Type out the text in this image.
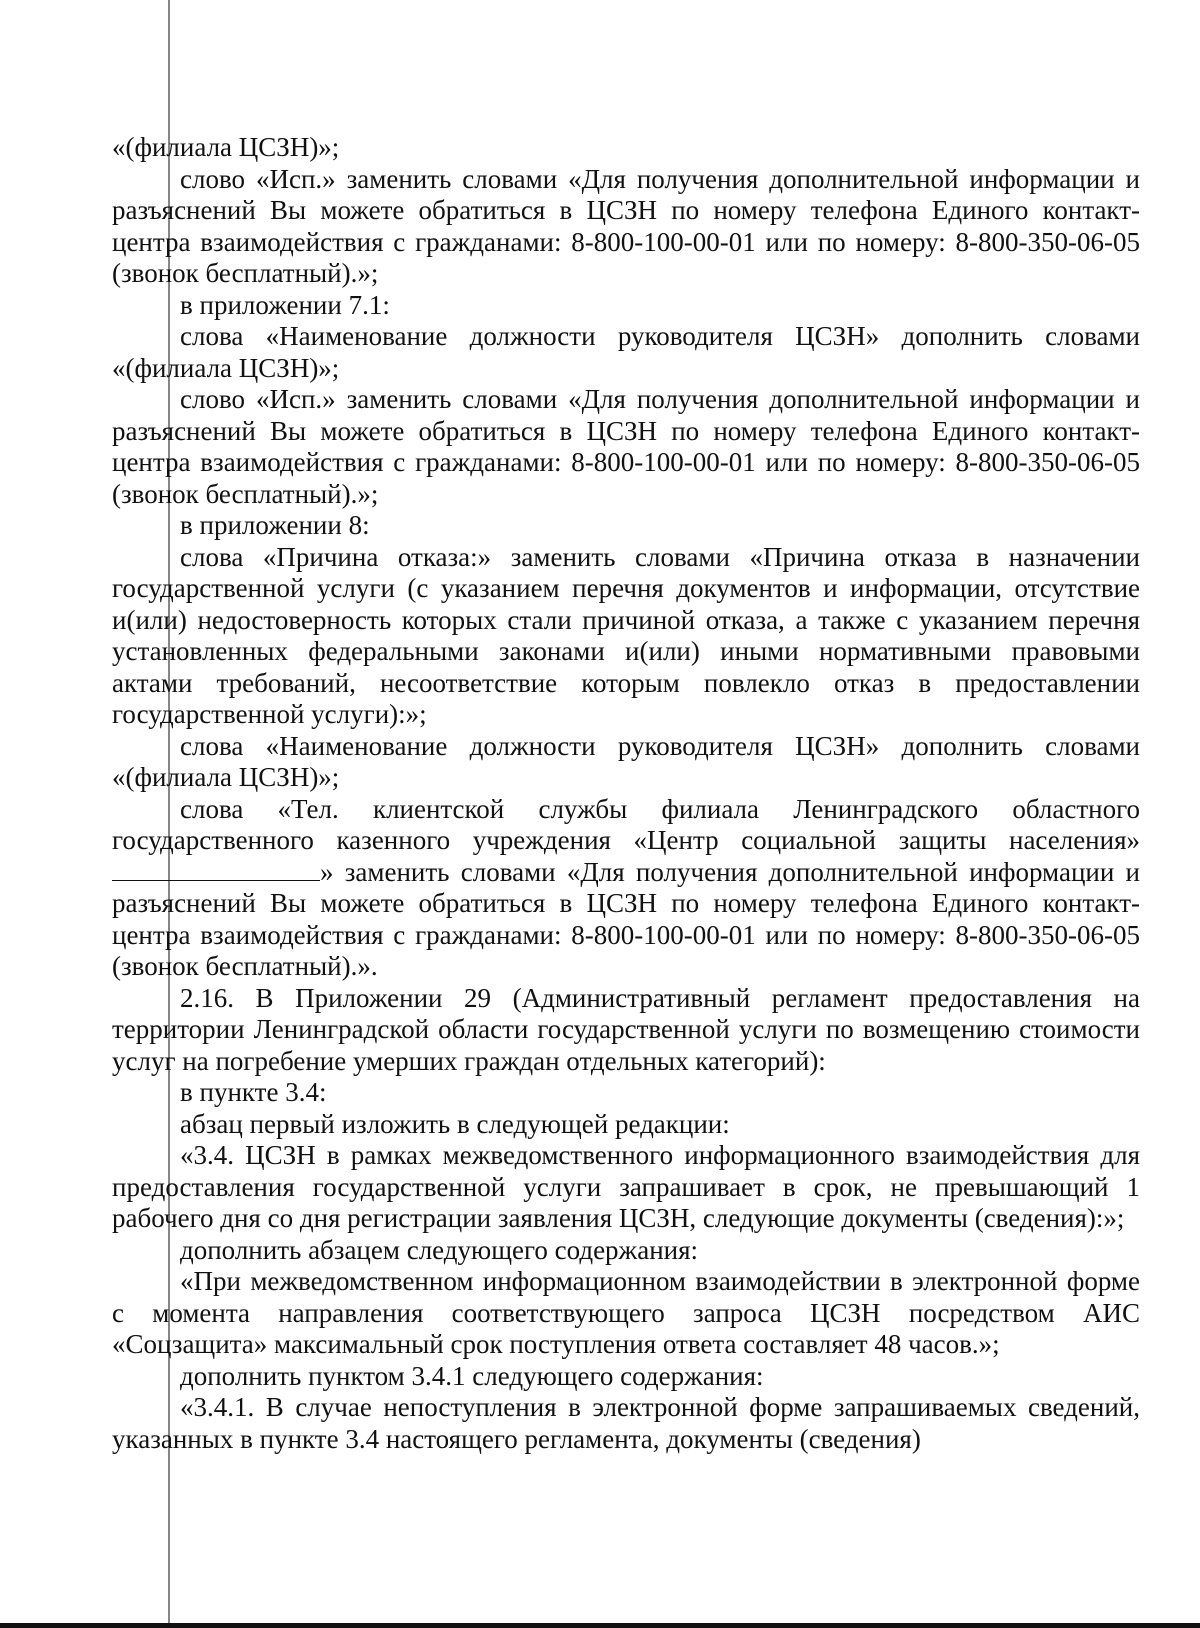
«(филиала ЦСЗН)»;

слово «Исп.» заменить словами «Для получения дополнительной информации и разъяснений Вы можете обратиться в ЦСЗН по номеру телефона Единого контакт-центра взаимодействия с гражданами: 8-800-100-00-01 или по номеру: 8-800-350-06-05 (звонок бесплатный).»;

в приложении 7.1:

слова «Наименование должности руководителя ЦСЗН» дополнить словами «(филиала ЦСЗН)»;

слово «Исп.» заменить словами «Для получения дополнительной информации и разъяснений Вы можете обратиться в ЦСЗН по номеру телефона Единого контакт-центра взаимодействия с гражданами: 8-800-100-00-01 или по номеру: 8-800-350-06-05 (звонок бесплатный).»;

в приложении 8:

слова «Причина отказа:» заменить словами «Причина отказа в назначении государственной услуги (с указанием перечня документов и информации, отсутствие и(или) недостоверность которых стали причиной отказа, а также с указанием перечня установленных федеральными законами и(или) иными нормативными правовыми актами требований, несоответствие которым повлекло отказ в предоставлении государственной услуги):»;

слова «Наименование должности руководителя ЦСЗН» дополнить словами «(филиала ЦСЗН)»;

слова «Тел. клиентской службы филиала Ленинградского областного государственного казенного учреждения «Центр социальной защиты населения» » заменить словами «Для получения дополнительной информации и разъяснений Вы можете обратиться в ЦСЗН по номеру телефона Единого контакт-центра взаимодействия с гражданами: 8-800-100-00-01 или по номеру: 8-800-350-06-05 (звонок бесплатный).».

2.16. В Приложении 29 (Административный регламент предоставления на территории Ленинградской области государственной услуги по возмещению стоимости услуг на погребение умерших граждан отдельных категорий):

в пункте 3.4:

абзац первый изложить в следующей редакции:

«3.4. ЦСЗН в рамках межведомственного информационного взаимодействия для предоставления государственной услуги запрашивает в срок, не превышающий 1 рабочего дня со дня регистрации заявления ЦСЗН, следующие документы (сведения):»;

дополнить абзацем следующего содержания:

«При межведомственном информационном взаимодействии в электронной форме с момента направления соответствующего запроса ЦСЗН посредством АИС «Соцзащита» максимальный срок поступления ответа составляет 48 часов.»;

дополнить пунктом 3.4.1 следующего содержания:

«3.4.1. В случае непоступления в электронной форме запрашиваемых сведений, указанных в пункте 3.4 настоящего регламента, документы (сведения)
